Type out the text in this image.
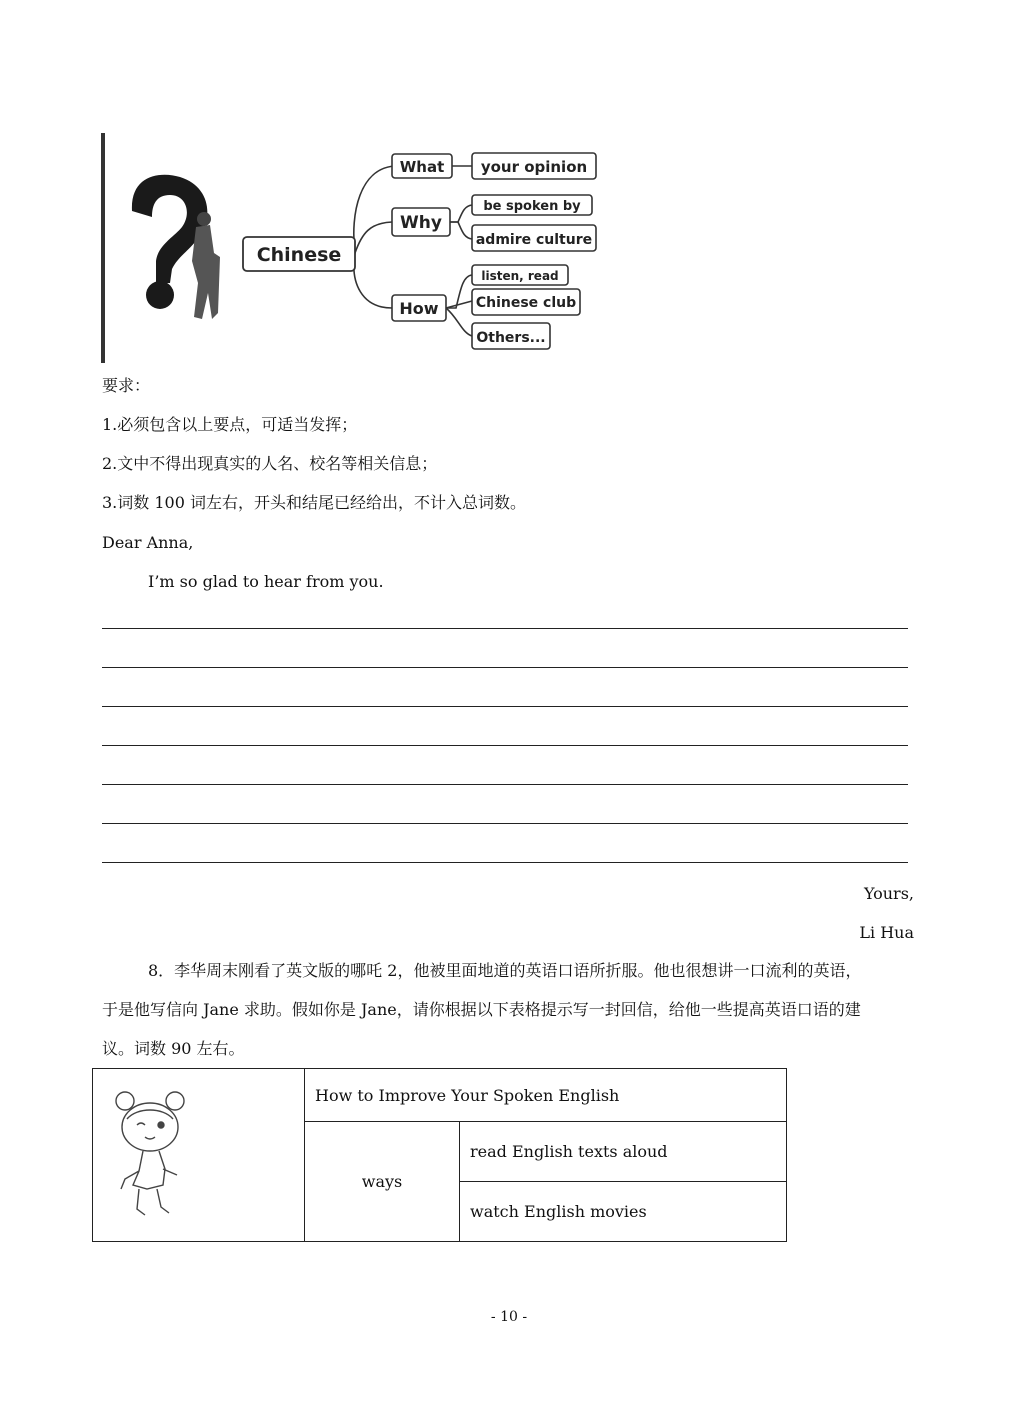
Chinese
What
Why
How
your opinion
be spoken by
admire culture
listen, read
Chinese club
Others...
要求：
1.必须包含以上要点，可适当发挥；
2.文中不得出现真实的人名、校名等相关信息；
3.词数 100 词左右，开头和结尾已经给出，不计入总词数。
Dear Anna,
I’m so glad to hear from you.
Yours,
Li Hua
8．李华周末刚看了英文版的哪吒 2，他被里面地道的英语口语所折服。他也很想讲一口流利的英语，
于是他写信向 Jane 求助。假如你是 Jane，请你根据以下表格提示写一封回信，给他一些提高英语口语的建
议。词数 90 左右。
	How to Improve Your Spoken English	
	ways	read English texts aloud
		watch English movies
- 10 -
